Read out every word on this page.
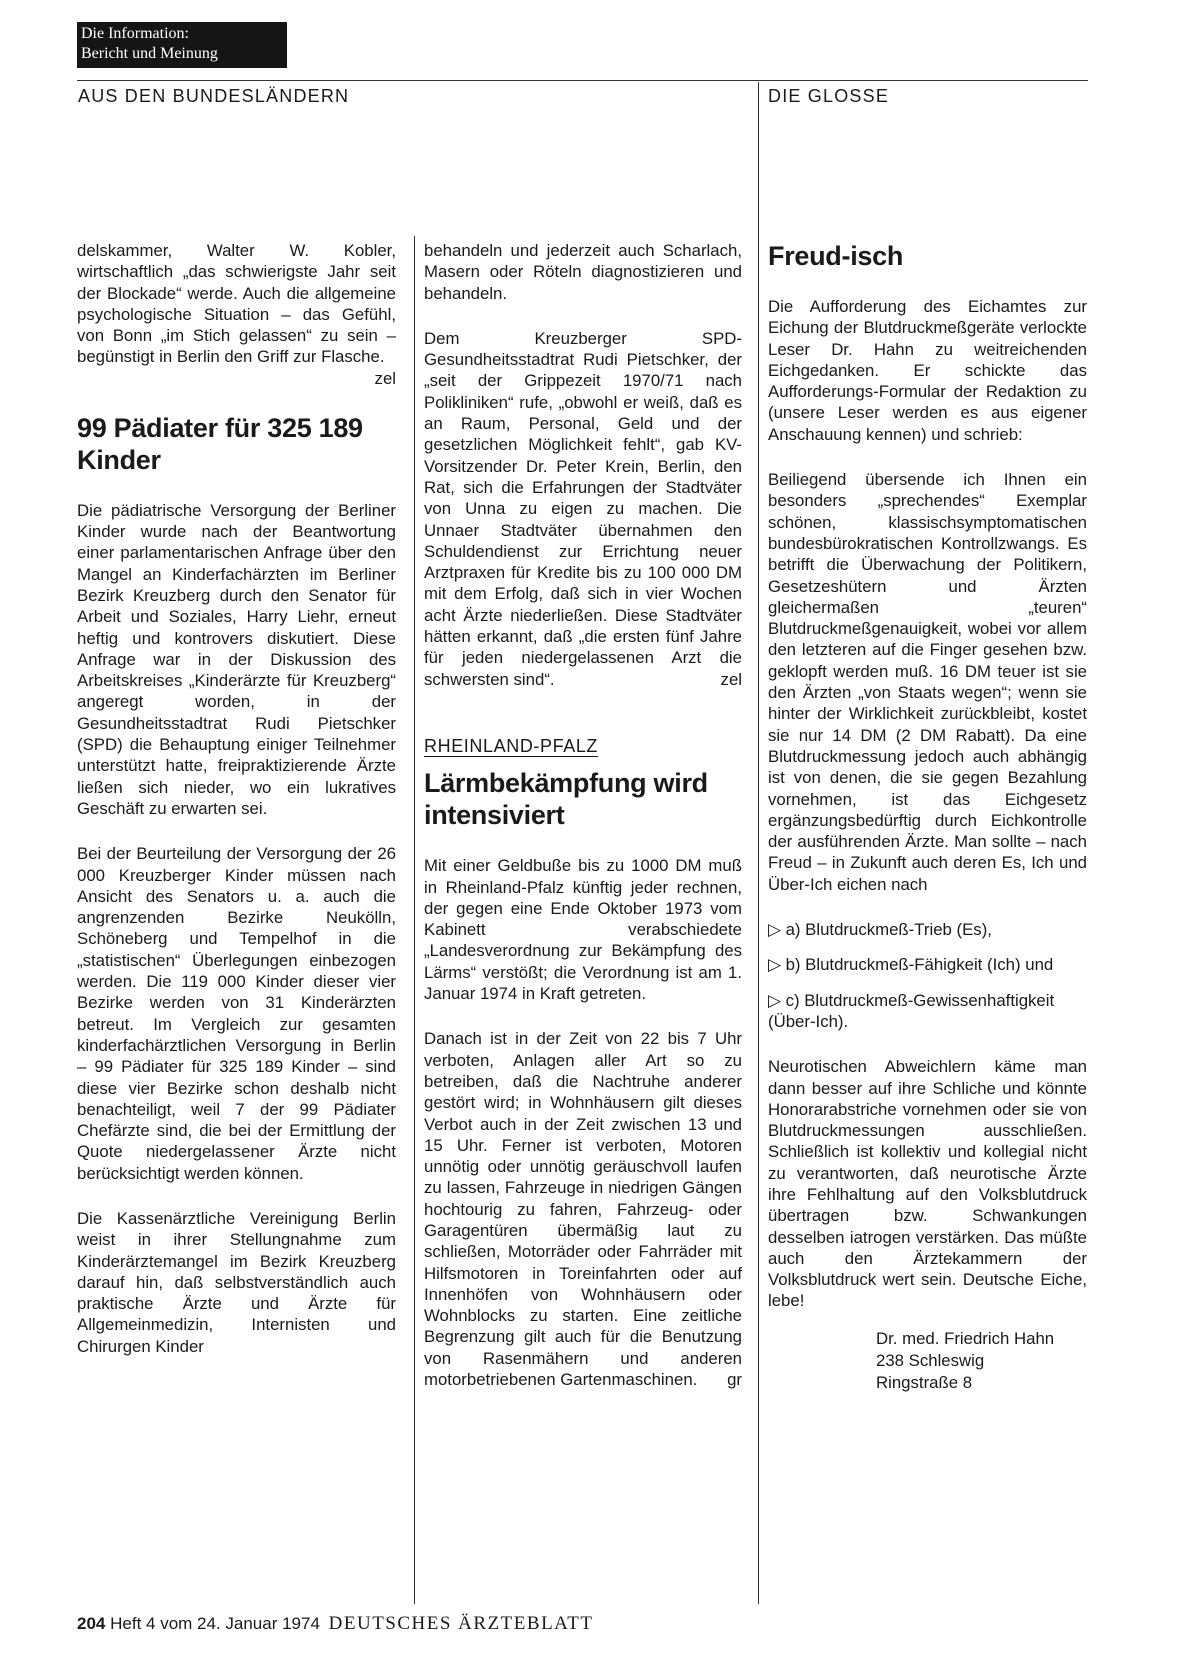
Die Information:
Bericht und Meinung
AUS DEN BUNDESLÄNDERN	DIE GLOSSE

delskammer, Walter W. Kobler, wirtschaftlich „das schwierigste Jahr seit der Blockade“ werde. Auch die allgemeine psychologische Situation – das Gefühl, von Bonn „im Stich gelassen“ zu sein – begünstigt in Berlin den Griff zur Flasche.
zel

99 Pädiater für 325 189 Kinder

Die pädiatrische Versorgung der Berliner Kinder wurde nach der Beantwortung einer parlamentarischen Anfrage über den Mangel an Kinderfachärzten im Berliner Bezirk Kreuzberg durch den Senator für Arbeit und Soziales, Harry Liehr, erneut heftig und kontrovers diskutiert. Diese Anfrage war in der Diskussion des Arbeitskreises „Kinderärzte für Kreuzberg“ angeregt worden, in der Gesundheitsstadtrat Rudi Pietschker (SPD) die Behauptung einiger Teilnehmer unterstützt hatte, freipraktizierende Ärzte ließen sich nieder, wo ein lukratives Geschäft zu erwarten sei.

Bei der Beurteilung der Versorgung der 26 000 Kreuzberger Kinder müssen nach Ansicht des Senators u. a. auch die angrenzenden Bezirke Neukölln, Schöneberg und Tempelhof in die „statistischen“ Überlegungen einbezogen werden. Die 119 000 Kinder dieser vier Bezirke werden von 31 Kinderärzten betreut. Im Vergleich zur gesamten kinderfachärztlichen Versorgung in Berlin – 99 Pädiater für 325 189 Kinder – sind diese vier Bezirke schon deshalb nicht benachteiligt, weil 7 der 99 Pädiater Chefärzte sind, die bei der Ermittlung der Quote niedergelassener Ärzte nicht berücksichtigt werden können.

Die Kassenärztliche Vereinigung Berlin weist in ihrer Stellungnahme zum Kinderärztemangel im Bezirk Kreuzberg darauf hin, daß selbstverständlich auch praktische Ärzte und Ärzte für Allgemeinmedizin, Internisten und Chirurgen Kinder

behandeln und jederzeit auch Scharlach, Masern oder Röteln diagnostizieren und behandeln.

Dem Kreuzberger SPD-Gesundheitsstadtrat Rudi Pietschker, der „seit der Grippezeit 1970/71 nach Polikliniken“ rufe, „obwohl er weiß, daß es an Raum, Personal, Geld und der gesetzlichen Möglichkeit fehlt“, gab KV-Vorsitzender Dr. Peter Krein, Berlin, den Rat, sich die Erfahrungen der Stadtväter von Unna zu eigen zu machen. Die Unnaer Stadtväter übernahmen den Schuldendienst zur Errichtung neuer Arztpraxen für Kredite bis zu 100 000 DM mit dem Erfolg, daß sich in vier Wochen acht Ärzte niederließen. Diese Stadtväter hätten erkannt, daß „die ersten fünf Jahre für jeden niedergelassenen Arzt die schwersten sind“.	zel

RHEINLAND-PFALZ
Lärmbekämpfung wird intensiviert

Mit einer Geldbuße bis zu 1000 DM muß in Rheinland-Pfalz künftig jeder rechnen, der gegen eine Ende Oktober 1973 vom Kabinett verabschiedete „Landesverordnung zur Bekämpfung des Lärms“ verstößt; die Verordnung ist am 1. Januar 1974 in Kraft getreten.

Danach ist in der Zeit von 22 bis 7 Uhr verboten, Anlagen aller Art so zu betreiben, daß die Nachtruhe anderer gestört wird; in Wohnhäusern gilt dieses Verbot auch in der Zeit zwischen 13 und 15 Uhr. Ferner ist verboten, Motoren unnötig oder unnötig geräuschvoll laufen zu lassen, Fahrzeuge in niedrigen Gängen hochtourig zu fahren, Fahrzeug- oder Garagentüren übermäßig laut zu schließen, Motorräder oder Fahrräder mit Hilfsmotoren in Toreinfahrten oder auf Innenhöfen von Wohnhäusern oder Wohnblocks zu starten. Eine zeitliche Begrenzung gilt auch für die Benutzung von Rasenmähern und anderen motorbetriebenen Gartenmaschinen. gr

Freud-isch

Die Aufforderung des Eichamtes zur Eichung der Blutdruckmeßgeräte verlockte Leser Dr. Hahn zu weitreichenden Eichgedanken. Er schickte das Aufforderungs-Formular der Redaktion zu (unsere Leser werden es aus eigener Anschauung kennen) und schrieb:

Beiliegend übersende ich Ihnen ein besonders „sprechendes“ Exemplar schönen, klassischsymptomatischen bundesbürokratischen Kontrollzwangs. Es betrifft die Überwachung der Politikern, Gesetzeshütern und Ärzten gleichermaßen „teuren“ Blutdruckmeßgenauigkeit, wobei vor allem den letzteren auf die Finger gesehen bzw. geklopft werden muß. 16 DM teuer ist sie den Ärzten „von Staats wegen“; wenn sie hinter der Wirklichkeit zurückbleibt, kostet sie nur 14 DM (2 DM Rabatt). Da eine Blutdruckmessung jedoch auch abhängig ist von denen, die sie gegen Bezahlung vornehmen, ist das Eichgesetz ergänzungsbedürftig durch Eichkontrolle der ausführenden Ärzte. Man sollte – nach Freud – in Zukunft auch deren Es, Ich und Über-Ich eichen nach

▷ a) Blutdruckmeß-Trieb (Es),

▷ b) Blutdruckmeß-Fähigkeit (Ich) und

▷ c) Blutdruckmeß-Gewissenhaftigkeit (Über-Ich).

Neurotischen Abweichlern käme man dann besser auf ihre Schliche und könnte Honorarabstriche vornehmen oder sie von Blutdruckmessungen ausschließen. Schließlich ist kollektiv und kollegial nicht zu verantworten, daß neurotische Ärzte ihre Fehlhaltung auf den Volksblutdruck übertragen bzw. Schwankungen desselben iatrogen verstärken. Das müßte auch den Ärztekammern der Volksblutdruck wert sein. Deutsche Eiche, lebe!

Dr. med. Friedrich Hahn
238 Schleswig
Ringstraße 8
204 Heft 4 vom 24. Januar 1974 DEUTSCHES ÄRZTEBLATT
